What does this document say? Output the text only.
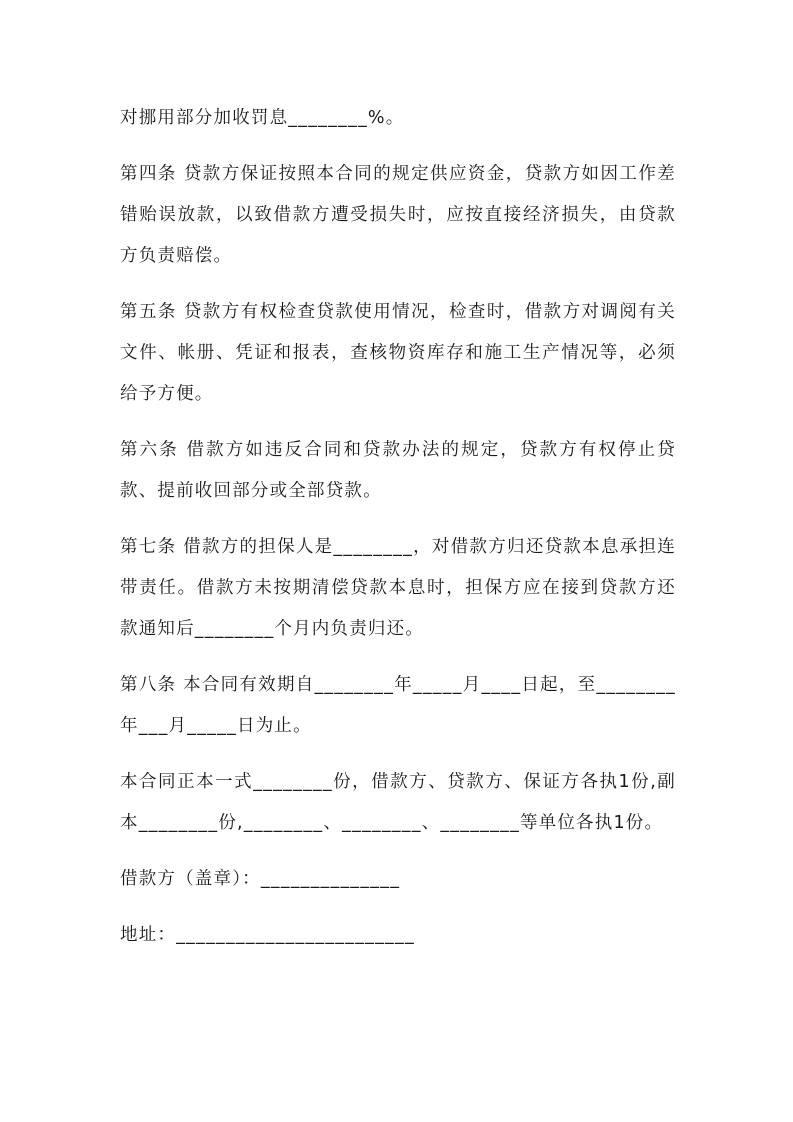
对挪用部分加收罚息________%。

第四条 贷款方保证按照本合同的规定供应资金，贷款方如因工作差错贻误放款，以致借款方遭受损失时，应按直接经济损失，由贷款方负责赔偿。

第五条 贷款方有权检查贷款使用情况，检查时，借款方对调阅有关文件、帐册、凭证和报表，查核物资库存和施工生产情况等，必须给予方便。

第六条 借款方如违反合同和贷款办法的规定，贷款方有权停止贷款、提前收回部分或全部贷款。

第七条 借款方的担保人是________，对借款方归还贷款本息承担连带责任。借款方未按期清偿贷款本息时，担保方应在接到贷款方还款通知后________个月内负责归还。

第八条 本合同有效期自________年_____月____日起，至________年___月_____日为止。

本合同正本一式________份，借款方、贷款方、保证方各执1份,副本________份,________、________、________等单位各执1份。

借款方（盖章）：______________

地址：________________________
